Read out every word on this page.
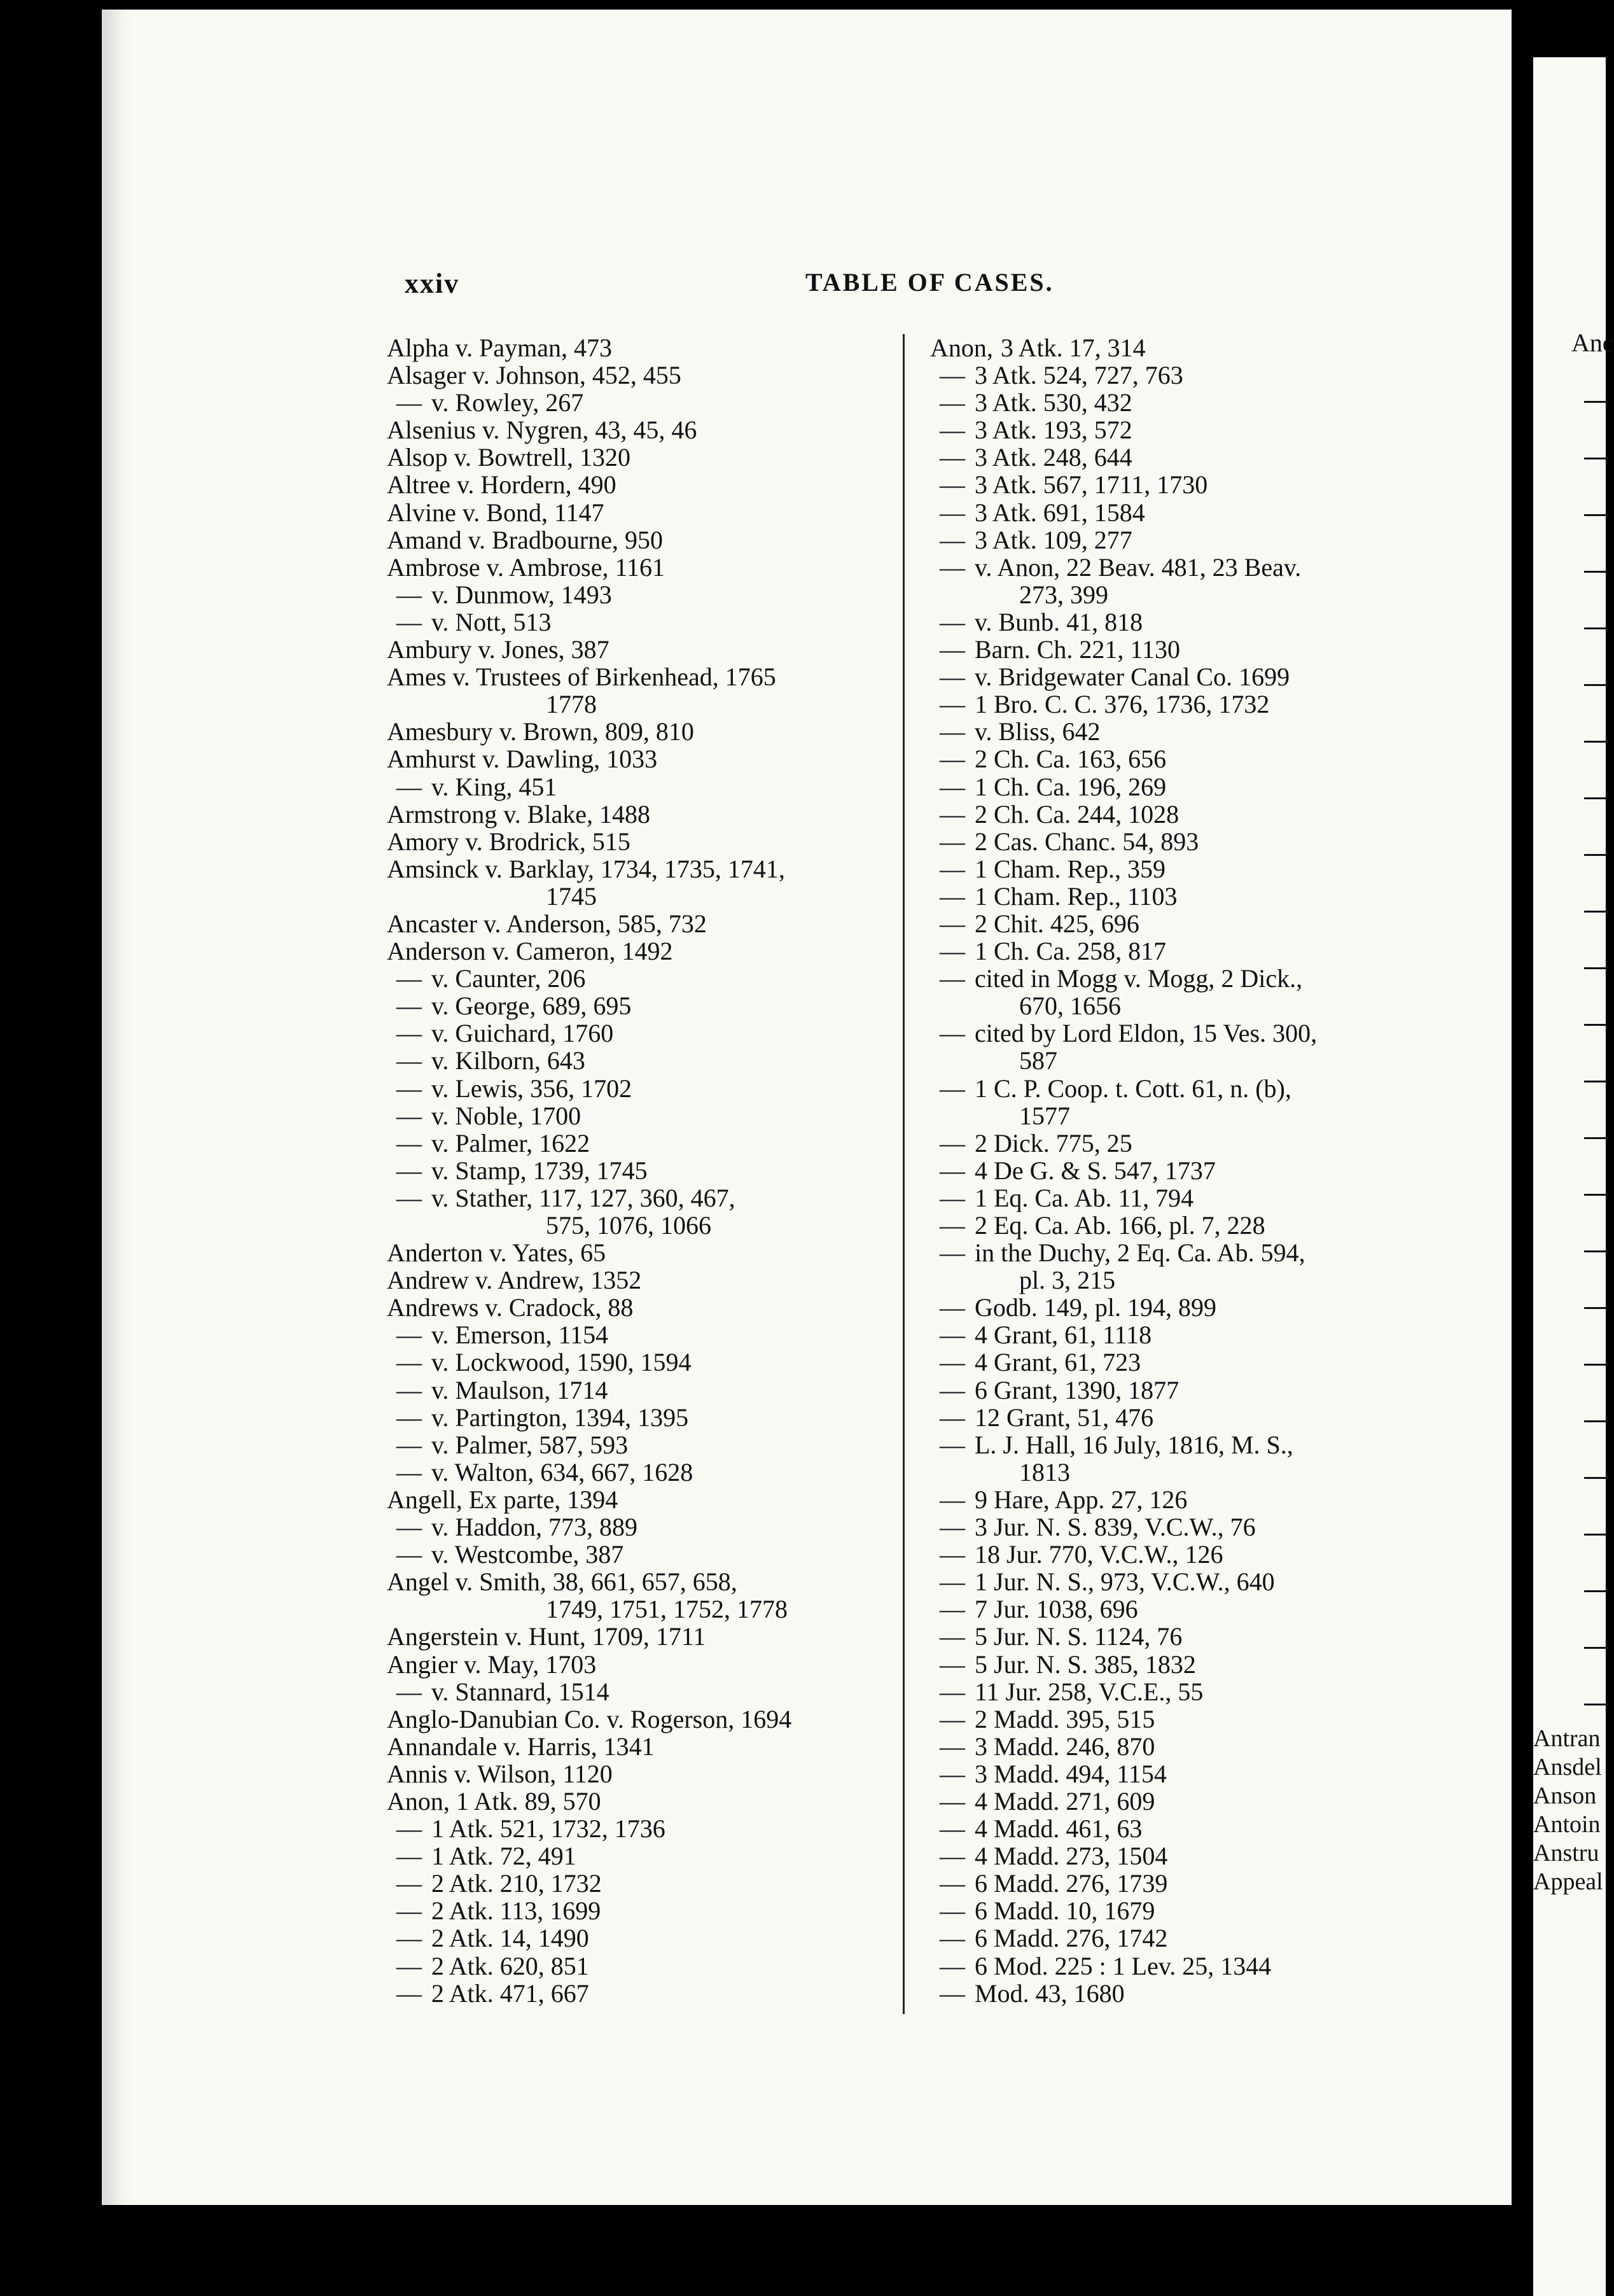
xxiv	TABLE OF CASES.
Alpha v. Payman, 473
Alsager v. Johnson, 452, 455
— v. Rowley, 267
Alsenius v. Nygren, 43, 45, 46
Alsop v. Bowtrell, 1320
Altree v. Hordern, 490
Alvine v. Bond, 1147
Amand v. Bradbourne, 950
Ambrose v. Ambrose, 1161
— v. Dunmow, 1493
— v. Nott, 513
Ambury v. Jones, 387
Ames v. Trustees of Birkenhead, 1765
1778
Amesbury v. Brown, 809, 810
Amhurst v. Dawling, 1033
— v. King, 451
Armstrong v. Blake, 1488
Amory v. Brodrick, 515
Amsinck v. Barklay, 1734, 1735, 1741,
1745
Ancaster v. Anderson, 585, 732
Anderson v. Cameron, 1492
— v. Caunter, 206
— v. George, 689, 695
— v. Guichard, 1760
— v. Kilborn, 643
— v. Lewis, 356, 1702
— v. Noble, 1700
— v. Palmer, 1622
— v. Stamp, 1739, 1745
— v. Stather, 117, 127, 360, 467,
575, 1076, 1066
Anderton v. Yates, 65
Andrew v. Andrew, 1352
Andrews v. Cradock, 88
— v. Emerson, 1154
— v. Lockwood, 1590, 1594
— v. Maulson, 1714
— v. Partington, 1394, 1395
— v. Palmer, 587, 593
— v. Walton, 634, 667, 1628
Angell, Ex parte, 1394
— v. Haddon, 773, 889
— v. Westcombe, 387
Angel v. Smith, 38, 661, 657, 658,
1749, 1751, 1752, 1778
Angerstein v. Hunt, 1709, 1711
Angier v. May, 1703
— v. Stannard, 1514
Anglo-Danubian Co. v. Rogerson, 1694
Annandale v. Harris, 1341
Annis v. Wilson, 1120
Anon, 1 Atk. 89, 570
— 1 Atk. 521, 1732, 1736
— 1 Atk. 72, 491
— 2 Atk. 210, 1732
— 2 Atk. 113, 1699
— 2 Atk. 14, 1490
— 2 Atk. 620, 851
— 2 Atk. 471, 667
Anon, 3 Atk. 17, 314
— 3 Atk. 524, 727, 763
— 3 Atk. 530, 432
— 3 Atk. 193, 572
— 3 Atk. 248, 644
— 3 Atk. 567, 1711, 1730
— 3 Atk. 691, 1584
— 3 Atk. 109, 277
— v. Anon, 22 Beav. 481, 23 Beav.
273, 399
— v. Bunb. 41, 818
— Barn. Ch. 221, 1130
— v. Bridgewater Canal Co. 1699
— 1 Bro. C. C. 376, 1736, 1732
— v. Bliss, 642
— 2 Ch. Ca. 163, 656
— 1 Ch. Ca. 196, 269
— 2 Ch. Ca. 244, 1028
— 2 Cas. Chanc. 54, 893
— 1 Cham. Rep., 359
— 1 Cham. Rep., 1103
— 2 Chit. 425, 696
— 1 Ch. Ca. 258, 817
— cited in Mogg v. Mogg, 2 Dick.,
670, 1656
— cited by Lord Eldon, 15 Ves. 300,
587
— 1 C. P. Coop. t. Cott. 61, n. (b),
1577
— 2 Dick. 775, 25
— 4 De G. & S. 547, 1737
— 1 Eq. Ca. Ab. 11, 794
— 2 Eq. Ca. Ab. 166, pl. 7, 228
— in the Duchy, 2 Eq. Ca. Ab. 594,
pl. 3, 215
— Godb. 149, pl. 194, 899
— 4 Grant, 61, 1118
— 4 Grant, 61, 723
— 6 Grant, 1390, 1877
— 12 Grant, 51, 476
— L. J. Hall, 16 July, 1816, M. S.,
1813
— 9 Hare, App. 27, 126
— 3 Jur. N. S. 839, V.C.W., 76
— 18 Jur. 770, V.C.W., 126
— 1 Jur. N. S., 973, V.C.W., 640
— 7 Jur. 1038, 696
— 5 Jur. N. S. 1124, 76
— 5 Jur. N. S. 385, 1832
— 11 Jur. 258, V.C.E., 55
— 2 Madd. 395, 515
— 3 Madd. 246, 870
— 3 Madd. 494, 1154
— 4 Madd. 271, 609
— 4 Madd. 461, 63
— 4 Madd. 273, 1504
— 6 Madd. 276, 1739
— 6 Madd. 10, 1679
— 6 Madd. 276, 1742
— 6 Mod. 225 : 1 Lev. 25, 1344
— Mod. 43, 1680
Anc
Antran
Ansdel
Anson
Antoin
Anstru
Appeal
